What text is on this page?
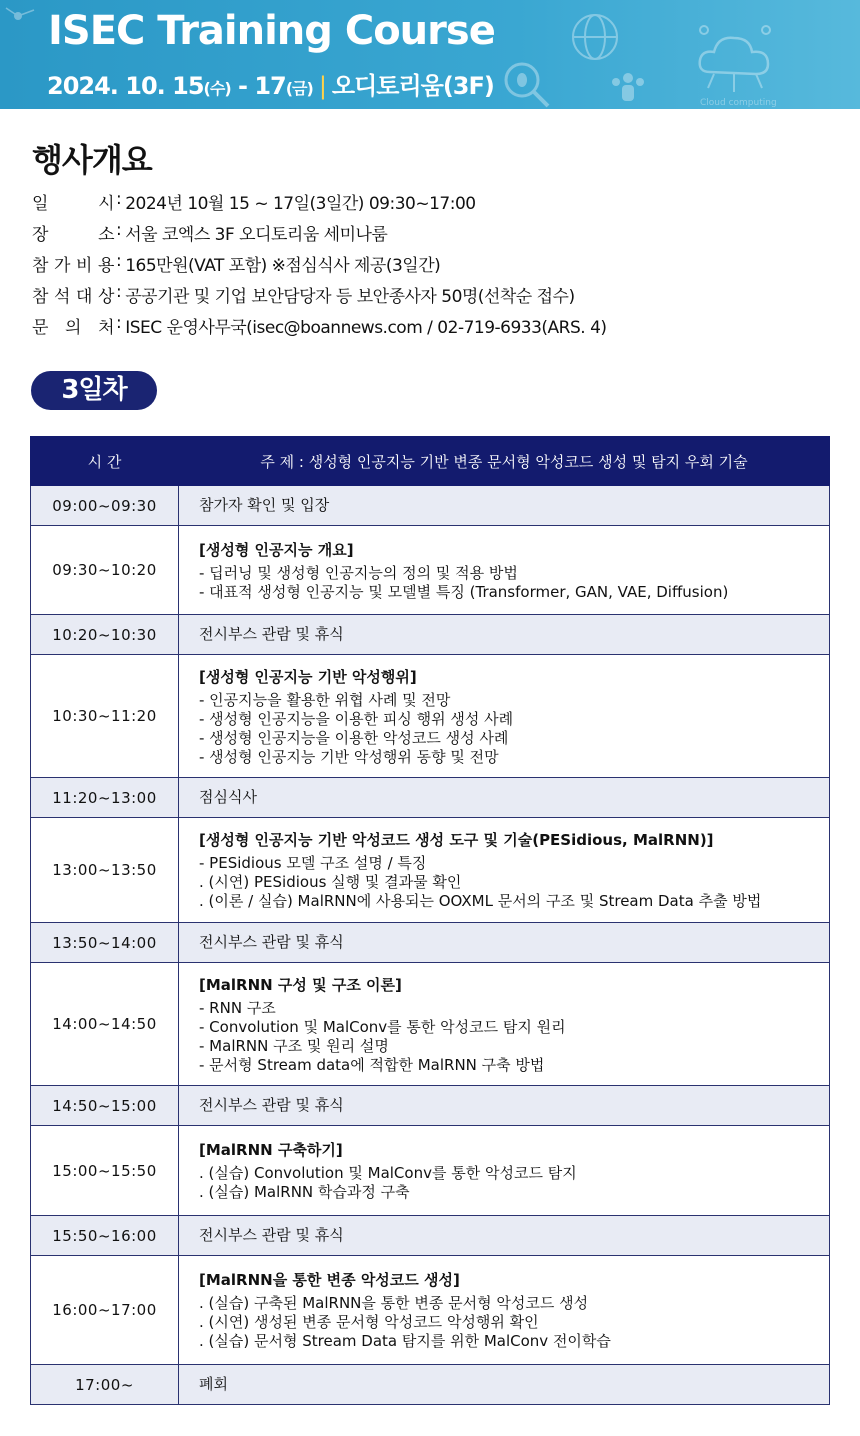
Cloud computing
ISEC Training Course
2024. 10. 15(수) - 17(금) | 오디토리움(3F)
행사개요
일	시 : 2024년 10월 15 ~ 17일(3일간) 09:30~17:00
장	소 : 서울 코엑스 3F 오디토리움 세미나룸
참 가 비 용 : 165만원(VAT 포함) ※점심식사 제공(3일간)
참 석 대 상 : 공공기관 및 기업 보안담당자 등 보안종사자 50명(선착순 접수)
문 의 처 : ISEC 운영사무국(isec@boannews.com / 02-719-6933(ARS. 4)
3일차
시 간	주 제 : 생성형 인공지능 기반 변종 문서형 악성코드 생성 및 탐지 우회 기술
09:00~09:30	참가자 확인 및 입장

09:30~10:20	[생성형 인공지능 개요]
- 딥러닝 및 생성형 인공지능의 정의 및 적용 방법
- 대표적 생성형 인공지능 및 모델별 특징 (Transformer, GAN, VAE, Diffusion)

10:20~10:30	전시부스 관람 및 휴식

10:30~11:20	[생성형 인공지능 기반 악성행위]
- 인공지능을 활용한 위협 사례 및 전망
- 생성형 인공지능을 이용한 피싱 행위 생성 사례
- 생성형 인공지능을 이용한 악성코드 생성 사례
- 생성형 인공지능 기반 악성행위 동향 및 전망

11:20~13:00	점심식사

13:00~13:50	[생성형 인공지능 기반 악성코드 생성 도구 및 기술(PESidious, MalRNN)]
- PESidious 모델 구조 설명 / 특징
. (시연) PESidious 실행 및 결과물 확인
. (이론 / 실습) MalRNN에 사용되는 OOXML 문서의 구조 및 Stream Data 추출 방법

13:50~14:00	전시부스 관람 및 휴식

14:00~14:50	[MalRNN 구성 및 구조 이론]
- RNN 구조
- Convolution 및 MalConv를 통한 악성코드 탐지 원리
- MalRNN 구조 및 원리 설명
- 문서형 Stream data에 적합한 MalRNN 구축 방법

14:50~15:00	전시부스 관람 및 휴식

15:00~15:50	[MalRNN 구축하기]
. (실습) Convolution 및 MalConv를 통한 악성코드 탐지
. (실습) MalRNN 학습과정 구축

15:50~16:00	전시부스 관람 및 휴식

16:00~17:00	[MalRNN을 통한 변종 악성코드 생성]
. (실습) 구축된 MalRNN을 통한 변종 문서형 악성코드 생성
. (시연) 생성된 변종 문서형 악성코드 악성행위 확인
. (실습) 문서형 Stream Data 탐지를 위한 MalConv 전이학습

17:00~	폐회
